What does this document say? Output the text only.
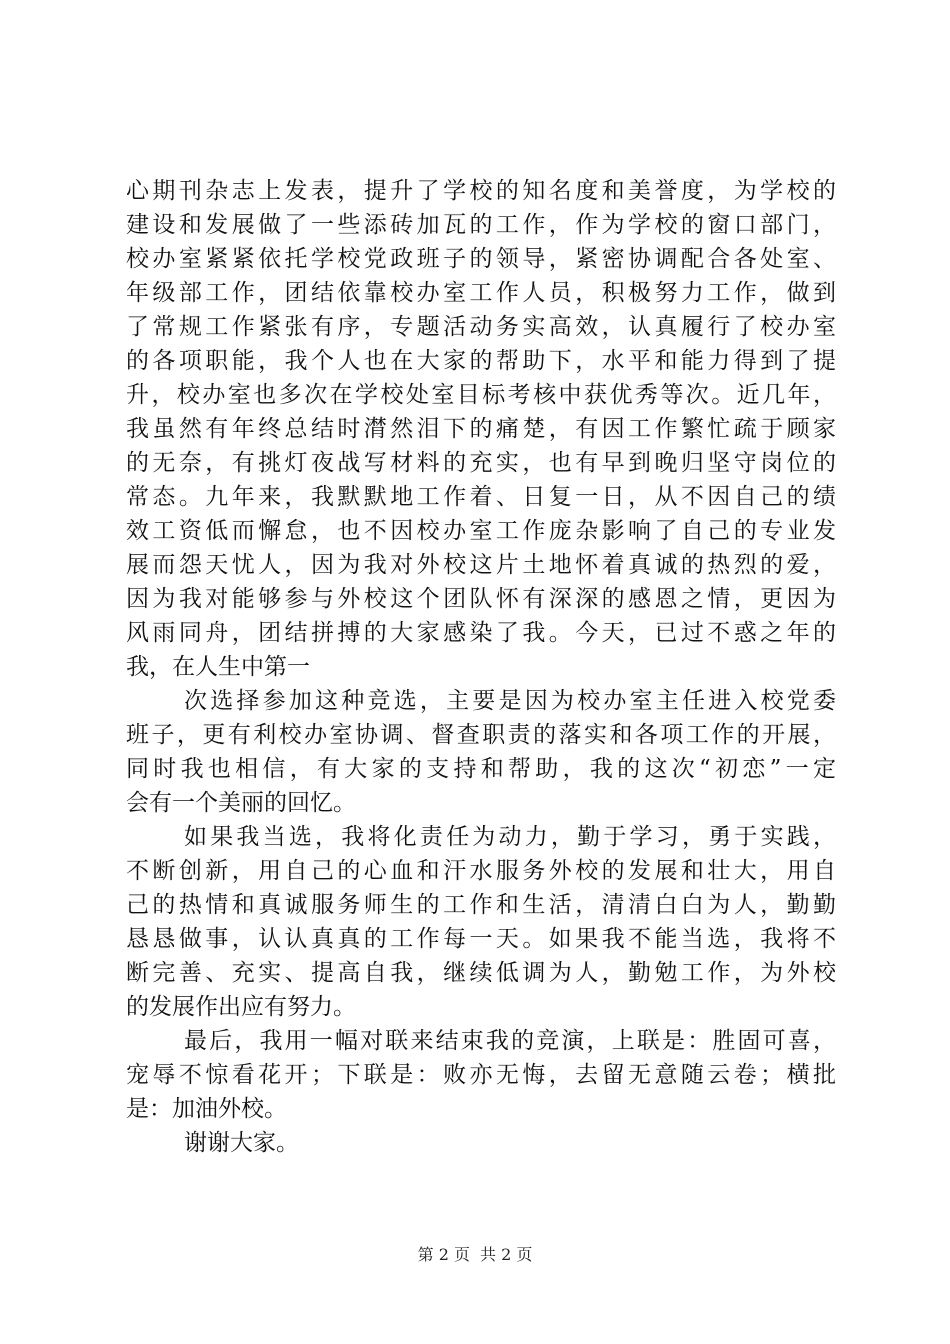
心期刊杂志上发表，提升了学校的知名度和美誉度，为学校的
建设和发展做了一些添砖加瓦的工作，作为学校的窗口部门，
校办室紧紧依托学校党政班子的领导，紧密协调配合各处室、
年级部工作，团结依靠校办室工作人员，积极努力工作，做到
了常规工作紧张有序，专题活动务实高效，认真履行了校办室
的各项职能，我个人也在大家的帮助下，水平和能力得到了提
升，校办室也多次在学校处室目标考核中获优秀等次。近几年，
我虽然有年终总结时潸然泪下的痛楚，有因工作繁忙疏于顾家
的无奈，有挑灯夜战写材料的充实，也有早到晚归坚守岗位的
常态。九年来，我默默地工作着、日复一日，从不因自己的绩
效工资低而懈怠，也不因校办室工作庞杂影响了自己的专业发
展而怨天忧人，因为我对外校这片土地怀着真诚的热烈的爱，
因为我对能够参与外校这个团队怀有深深的感恩之情，更因为
风雨同舟，团结拼搏的大家感染了我。今天，已过不惑之年的
我，在人生中第一
次选择参加这种竞选，主要是因为校办室主任进入校党委
班子，更有利校办室协调、督查职责的落实和各项工作的开展，
同时我也相信，有大家的支持和帮助，我的这次“初恋”一定
会有一个美丽的回忆。
如果我当选，我将化责任为动力，勤于学习，勇于实践，
不断创新，用自己的心血和汗水服务外校的发展和壮大，用自
己的热情和真诚服务师生的工作和生活，清清白白为人，勤勤
恳恳做事，认认真真的工作每一天。如果我不能当选，我将不
断完善、充实、提高自我，继续低调为人，勤勉工作，为外校
的发展作出应有努力。
最后，我用一幅对联来结束我的竞演，上联是：胜固可喜，
宠辱不惊看花开；下联是：败亦无悔，去留无意随云卷；横批
是：加油外校。
谢谢大家。
第 2 页 共 2 页
